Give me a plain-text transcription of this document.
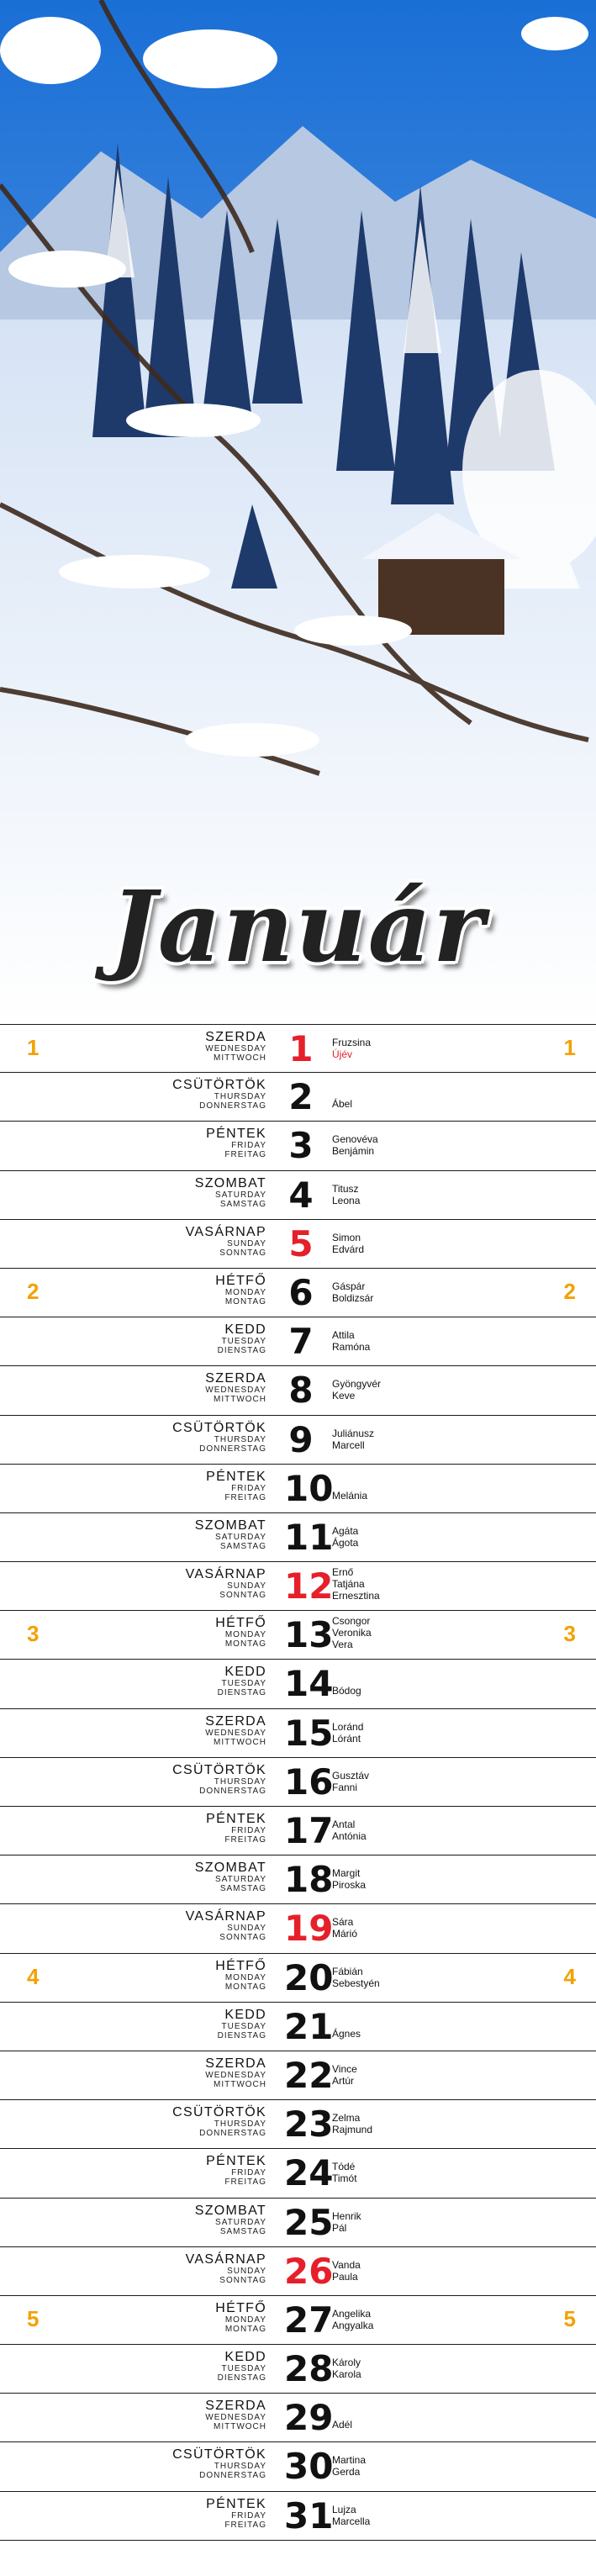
Január
1	1
SZERDA
WEDNESDAY
MITTWOCH 1	Fruzsina
Újév
CSÜTÖRTÖK
THURSDAY
DONNERSTAG 2	Ábel
PÉNTEK
FRIDAY
FREITAG 3	Genovéva
Benjámin
SZOMBAT
SATURDAY
SAMSTAG 4	Titusz
Leona
VASÁRNAP
SUNDAY
SONNTAG 5	Simon
Edvárd
2	2
HÉTFŐ
MONDAY
MONTAG 6	Gáspár
Boldizsár
KEDD
TUESDAY
DIENSTAG 7	Attila
Ramóna
SZERDA
WEDNESDAY
MITTWOCH 8	Gyöngyvér
Keve
CSÜTÖRTÖK
THURSDAY
DONNERSTAG 9	Juliánusz
Marcell
PÉNTEK
FRIDAY
FREITAG 10
Melánia
SZOMBAT
SATURDAY
SAMSTAG 11
Agáta
Ágota
VASÁRNAP
SUNDAY
SONNTAG 12
Ernő
Tatjána
Ernesztina
3	3
HÉTFŐ
MONDAY
MONTAG 13
Csongor
Veronika
Vera
KEDD
TUESDAY
DIENSTAG 14
Bódog
SZERDA
WEDNESDAY
MITTWOCH 15
Loránd
Lóránt
CSÜTÖRTÖK
THURSDAY
DONNERSTAG 16
Gusztáv
Fanni
PÉNTEK
FRIDAY
FREITAG 17
Antal
Antónia
SZOMBAT
SATURDAY
SAMSTAG 18
Margit
Piroska
VASÁRNAP
SUNDAY
SONNTAG 19
Sára
Márió
4	4
HÉTFŐ
MONDAY
MONTAG 20
Fábián
Sebestyén
KEDD
TUESDAY
DIENSTAG 21
Ágnes
SZERDA
WEDNESDAY
MITTWOCH 22
Vince
Artúr
CSÜTÖRTÖK
THURSDAY
DONNERSTAG 23
Zelma
Rajmund
PÉNTEK
FRIDAY
FREITAG 24
Tódé
Timót
SZOMBAT
SATURDAY
SAMSTAG 25
Henrik
Pál
VASÁRNAP
SUNDAY
SONNTAG 26
Vanda
Paula
5	5
HÉTFŐ
MONDAY
MONTAG 27
Angelika
Angyalka
KEDD
TUESDAY
DIENSTAG 28
Károly
Karola
SZERDA
WEDNESDAY
MITTWOCH 29
Adél
CSÜTÖRTÖK
THURSDAY
DONNERSTAG 30
Martina
Gerda
PÉNTEK
FRIDAY
FREITAG 31
Lujza
Marcella
